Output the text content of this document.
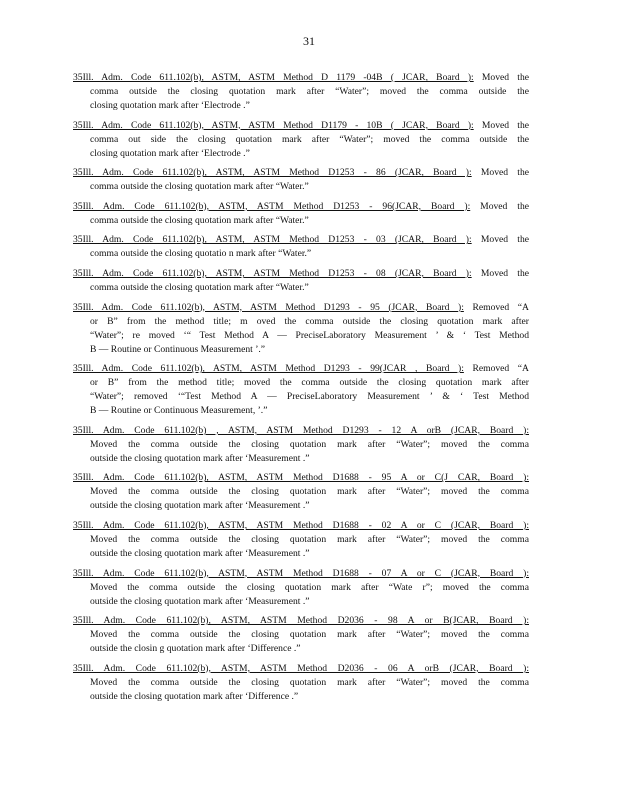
31
35Ill. Adm. Code 611.102(b), ASTM, ASTM Method D 1179 -04B ( JCAR, Board ): Moved the
comma outside the closing quotation mark after “Water”; moved the comma outside the
closing quotation mark after ‘Electrode .”
35Ill. Adm. Code 611.102(b), ASTM, ASTM Method D1179 - 10B ( JCAR, Board ): Moved the
comma out side the closing quotation mark after “Water”; moved the comma outside the
closing quotation mark after ‘Electrode .”
35Ill. Adm. Code 611.102(b), ASTM, ASTM Method D1253 - 86 (JCAR, Board ): Moved the
comma outside the closing quotation mark after “Water.”
35Ill. Adm. Code 611.102(b), ASTM, ASTM Method D1253 - 96(JCAR, Board ): Moved the
comma outside the closing quotation mark after “Water.”
35Ill. Adm. Code 611.102(b), ASTM, ASTM Method D1253 - 03 (JCAR, Board ): Moved the
comma outside the closing quotatio n mark after “Water.”
35Ill. Adm. Code 611.102(b), ASTM, ASTM Method D1253 - 08 (JCAR, Board ): Moved the
comma outside the closing quotation mark after “Water.”
35Ill. Adm. Code 611.102(b), ASTM, ASTM Method D1293 - 95 (JCAR, Board ): Removed “A
or B” from the method title; m oved the comma outside the closing quotation mark after
“Water”; re moved ‘“ Test Method A — PreciseLaboratory Measurement ’ & ‘ Test Method
B — Routine or Continuous Measurement ’.”
35Ill. Adm. Code 611.102(b), ASTM, ASTM Method D1293 - 99(JCAR , Board ): Removed “A
or B” from the method title; moved the comma outside the closing quotation mark after
“Water”; removed ‘“Test Method A — PreciseLaboratory Measurement ’ & ‘ Test Method
B — Routine or Continuous Measurement, ’.”
35Ill. Adm. Code 611.102(b) , ASTM, ASTM Method D1293 - 12 A orB (JCAR, Board ):
Moved the comma outside the closing quotation mark after “Water”; moved the comma
outside the closing quotation mark after ‘Measurement .”
35Ill. Adm. Code 611.102(b), ASTM, ASTM Method D1688 - 95 A or C(J CAR, Board ):
Moved the comma outside the closing quotation mark after “Water”; moved the comma
outside the closing quotation mark after ‘Measurement .”
35Ill. Adm. Code 611.102(b), ASTM, ASTM Method D1688 - 02 A or C (JCAR, Board ):
Moved the comma outside the closing quotation mark after “Water”; moved the comma
outside the closing quotation mark after ‘Measurement .”
35Ill. Adm. Code 611.102(b), ASTM, ASTM Method D1688 - 07 A or C (JCAR, Board ):
Moved the comma outside the closing quotation mark after “Wate r”; moved the comma
outside the closing quotation mark after ‘Measurement .”
35Ill. Adm. Code 611.102(b), ASTM, ASTM Method D2036 - 98 A or B(JCAR, Board ):
Moved the comma outside the closing quotation mark after “Water”; moved the comma
outside the closin g quotation mark after ‘Difference .”
35Ill. Adm. Code 611.102(b), ASTM, ASTM Method D2036 - 06 A orB (JCAR, Board ):
Moved the comma outside the closing quotation mark after “Water”; moved the comma
outside the closing quotation mark after ‘Difference .”
